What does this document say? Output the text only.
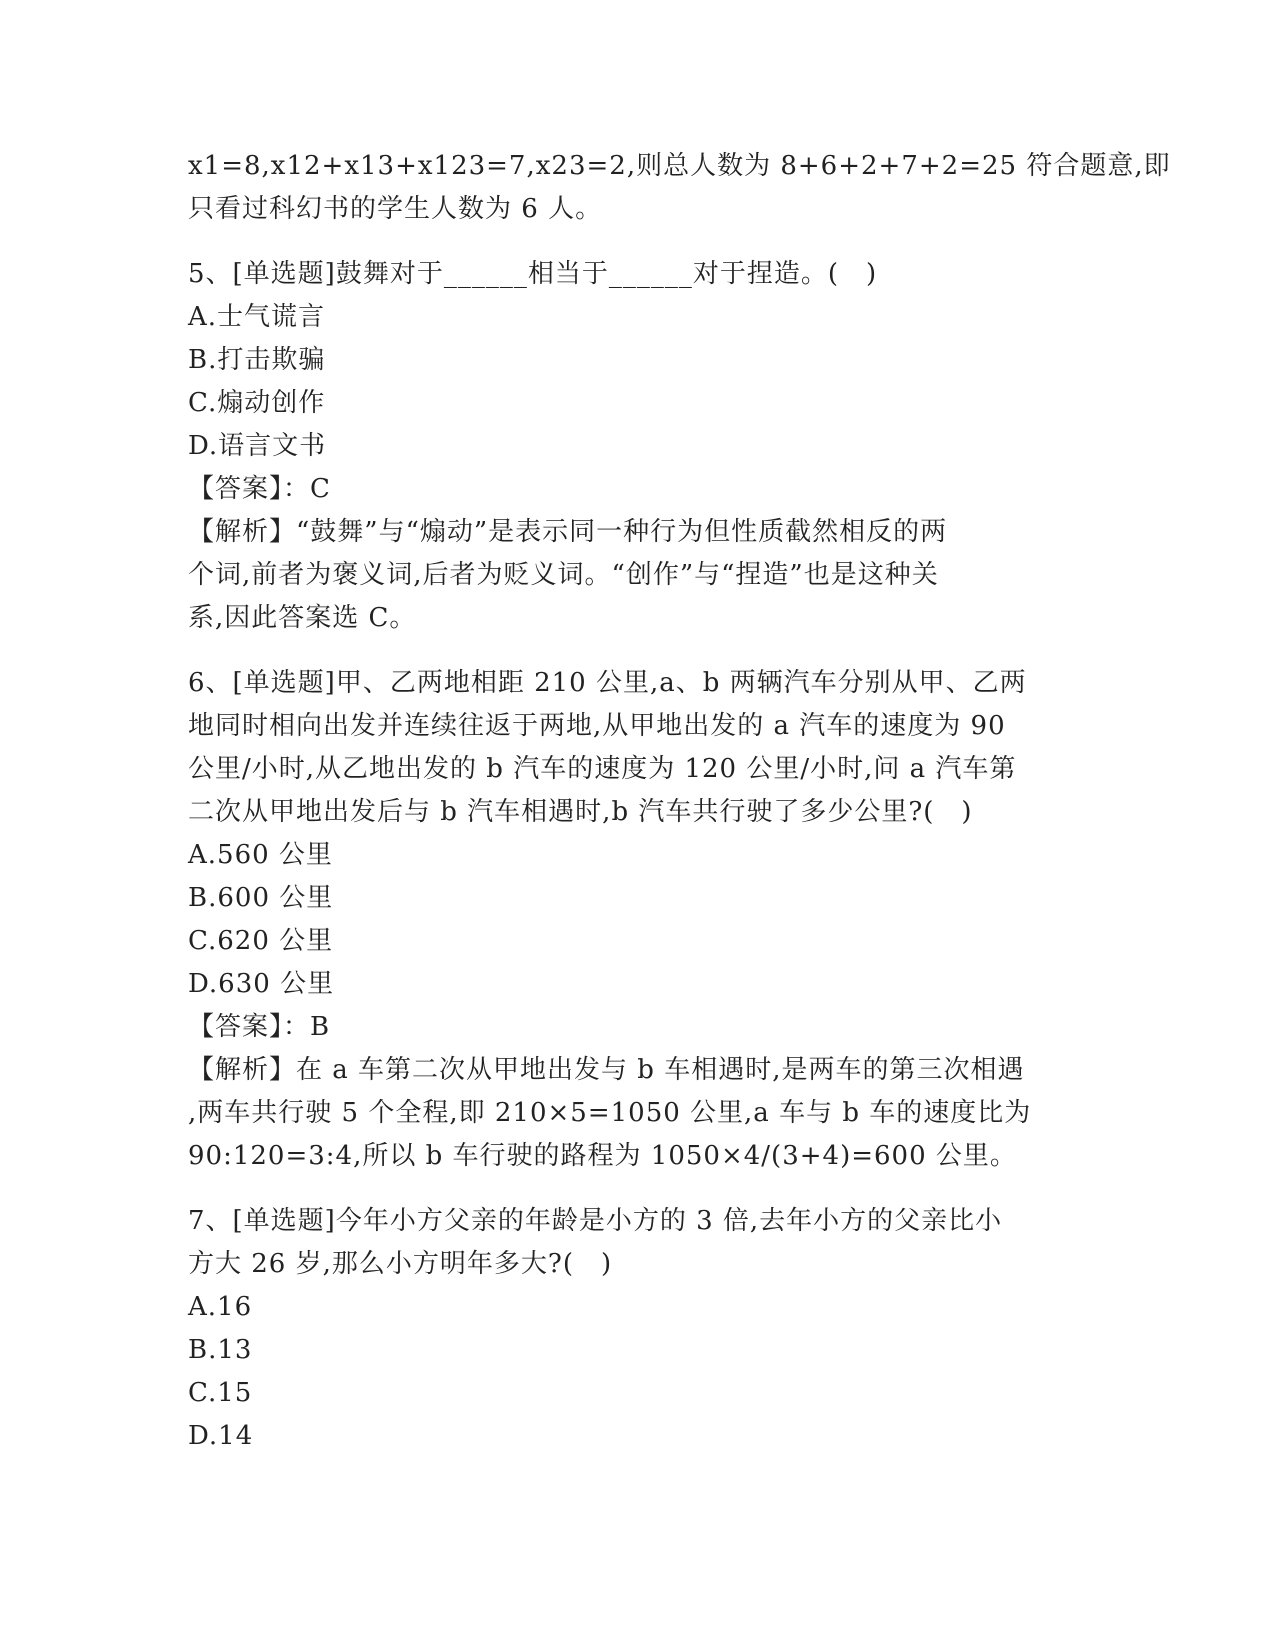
x1=8,x12+x13+x123=7,x23=2,则总人数为 8+6+2+7+2=25 符合题意,即
只看过科幻书的学生人数为 6 人。
5、[单选题]鼓舞对于______相当于______对于捏造。(　)
A.士气谎言
B.打击欺骗
C.煽动创作
D.语言文书
【答案】：C
【解析】“鼓舞”与“煽动”是表示同一种行为但性质截然相反的两
个词,前者为褒义词,后者为贬义词。“创作”与“捏造”也是这种关
系,因此答案选 C。
6、[单选题]甲、乙两地相距 210 公里,a、b 两辆汽车分别从甲、乙两
地同时相向出发并连续往返于两地,从甲地出发的 a 汽车的速度为 90
公里/小时,从乙地出发的 b 汽车的速度为 120 公里/小时,问 a 汽车第
二次从甲地出发后与 b 汽车相遇时,b 汽车共行驶了多少公里?(　)
A.560 公里
B.600 公里
C.620 公里
D.630 公里
【答案】：B
【解析】在 a 车第二次从甲地出发与 b 车相遇时,是两车的第三次相遇
,两车共行驶 5 个全程,即 210×5=1050 公里,a 车与 b 车的速度比为
90:120=3:4,所以 b 车行驶的路程为 1050×4/(3+4)=600 公里。
7、[单选题]今年小方父亲的年龄是小方的 3 倍,去年小方的父亲比小
方大 26 岁,那么小方明年多大?(　)
A.16
B.13
C.15
D.14
